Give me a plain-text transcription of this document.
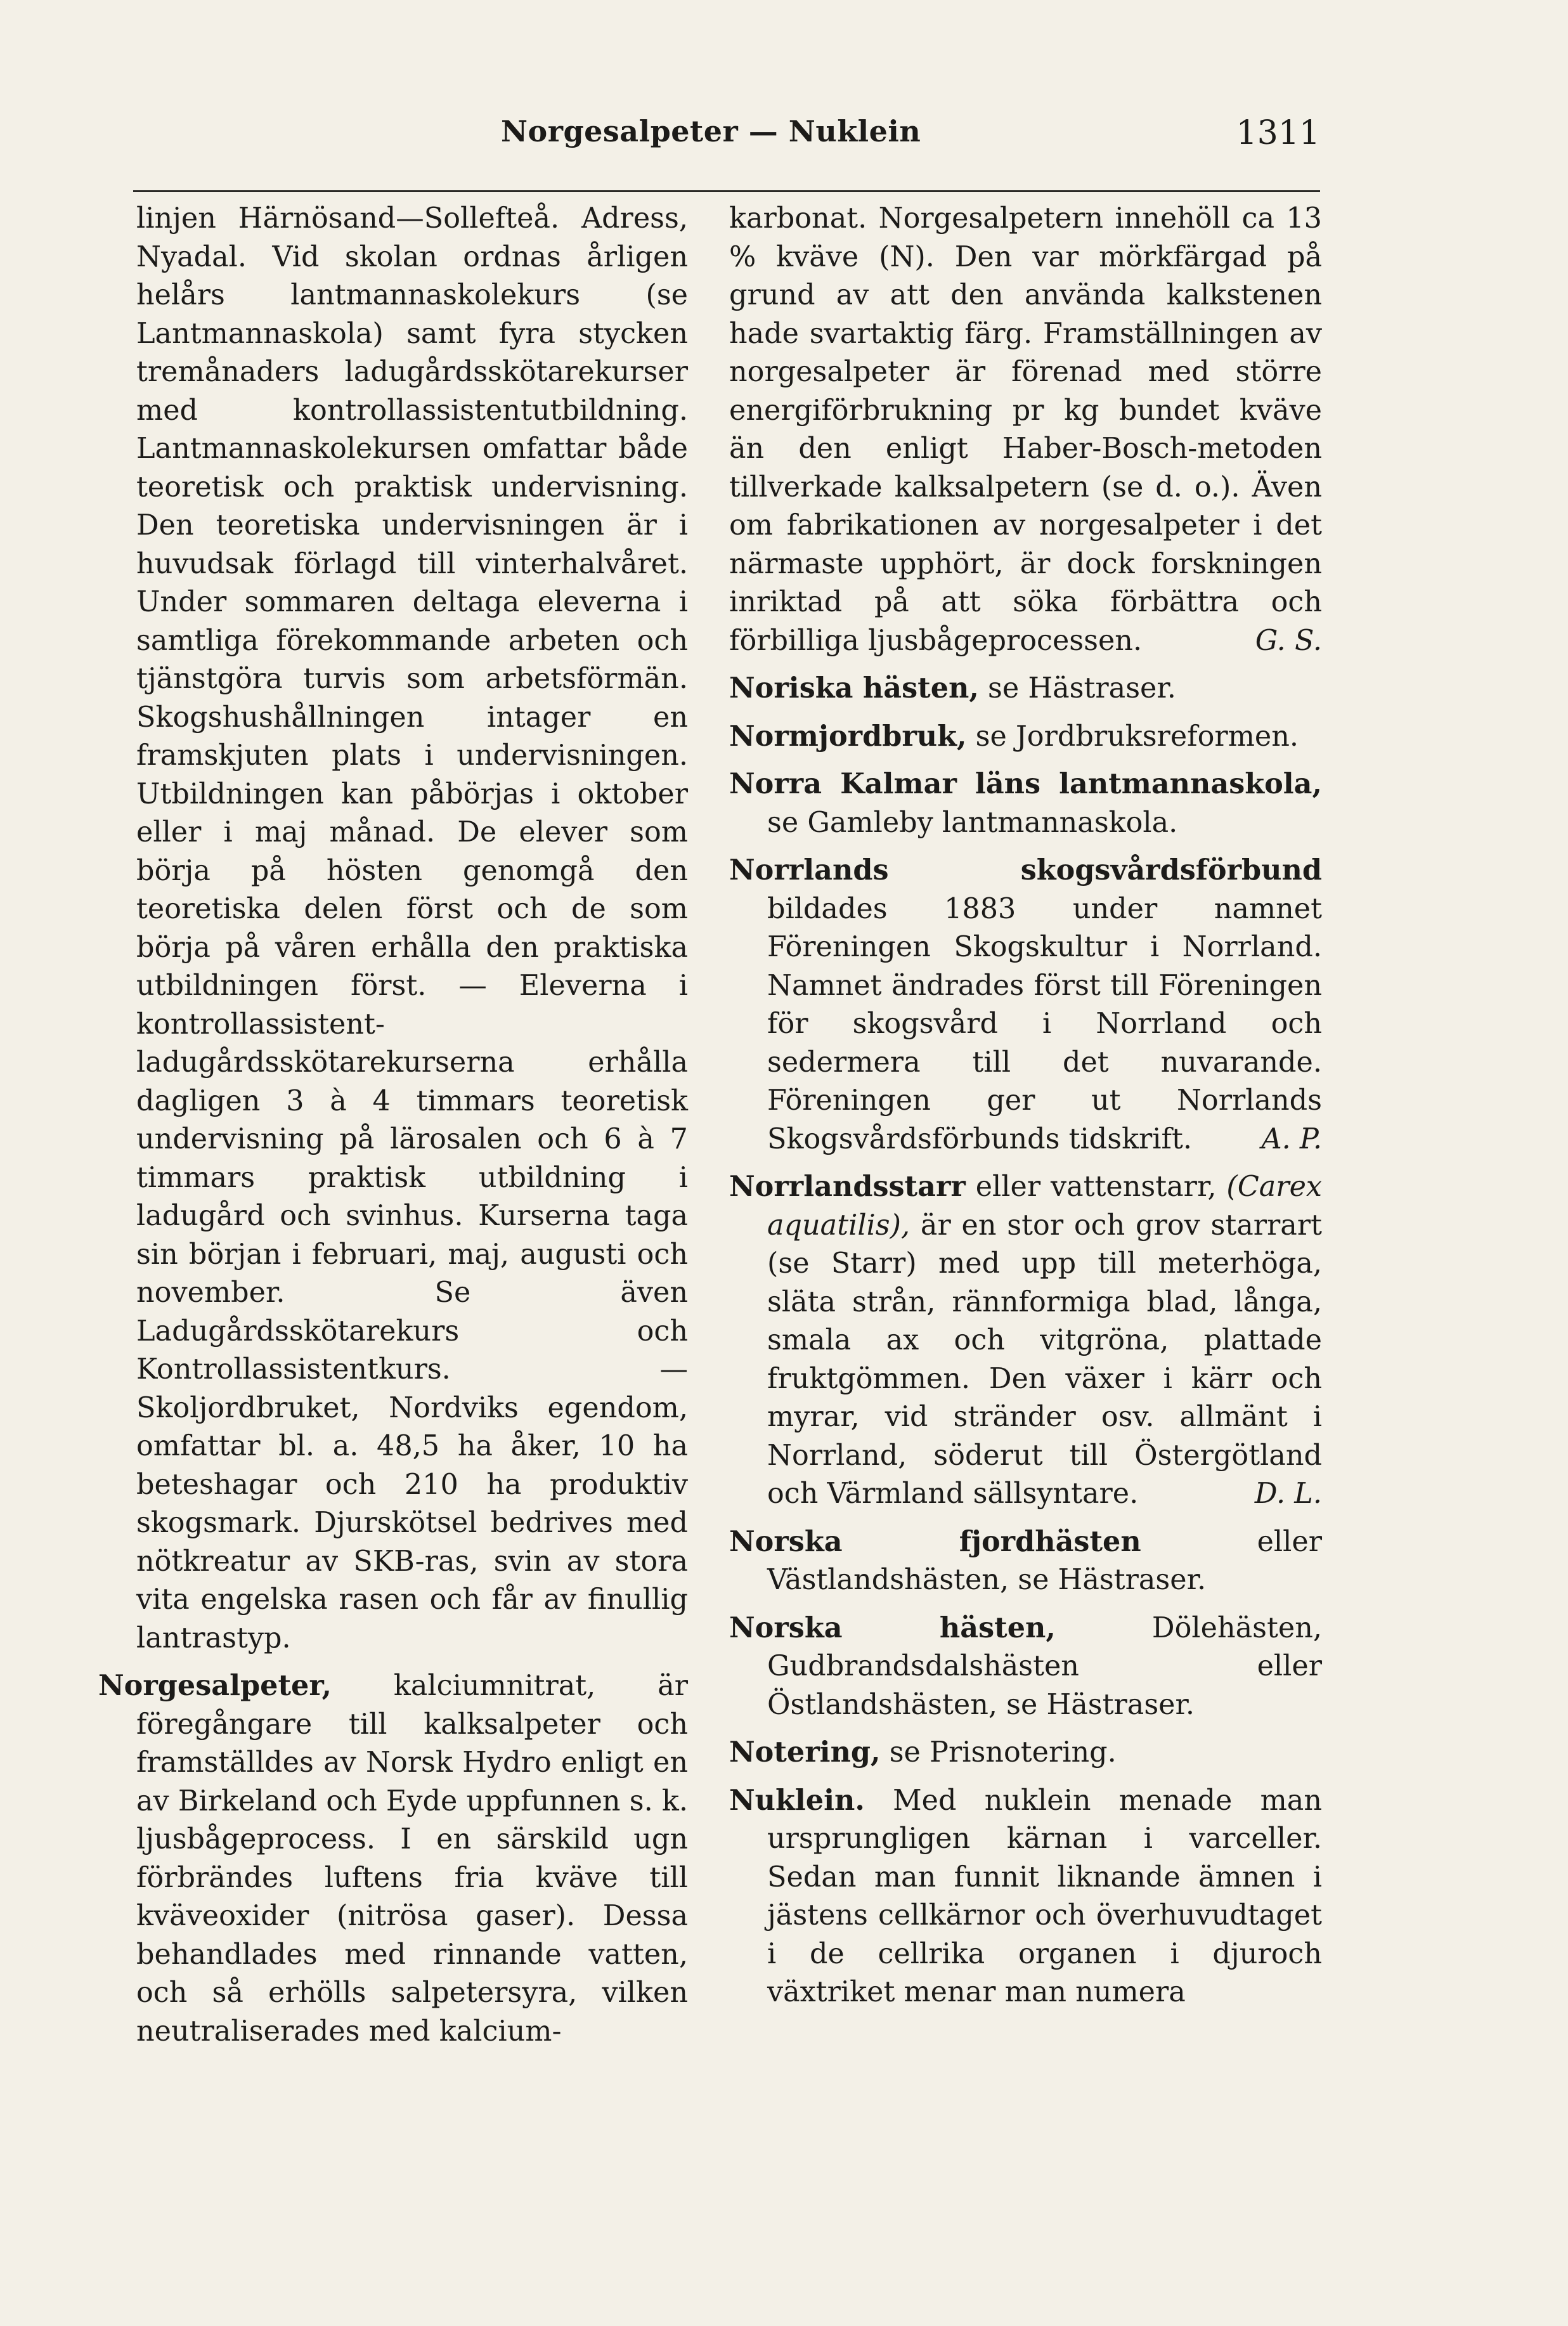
Norgesalpeter — Nuklein	1311

linjen Härnösand—Sollefteå. Adress, Nyadal. Vid skolan ordnas årligen helårs lantmannaskolekurs (se Lantmannaskola) samt fyra stycken tremånaders ladugårdsskötarekurser med kontrollassistentutbildning. Lantmannaskolekursen omfattar både teoretisk och praktisk undervisning. Den teoretiska undervisningen är i huvudsak förlagd till vinterhalvåret. Under sommaren deltaga eleverna i samtliga förekommande arbeten och tjänstgöra turvis som arbetsförmän. Skogshushållningen intager en framskjuten plats i undervisningen. Utbildningen kan påbörjas i oktober eller i maj månad. De elever som börja på hösten genomgå den teoretiska delen först och de som börja på våren erhålla den praktiska utbildningen först. — Eleverna i kontrollassistent-ladugårdsskötarekurserna erhålla dagligen 3 à 4 timmars teoretisk undervisning på lärosalen och 6 à 7 timmars praktisk utbildning i ladugård och svinhus. Kurserna taga sin början i februari, maj, augusti och november. Se även Ladugårdsskötarekurs och Kontrollassistentkurs. — Skoljordbruket, Nordviks egendom, omfattar bl. a. 48,5 ha åker, 10 ha beteshagar och 210 ha produktiv skogsmark. Djurskötsel bedrives med nötkreatur av SKB-ras, svin av stora vita engelska rasen och får av finullig lantrastyp.

Norgesalpeter, kalciumnitrat, är föregångare till kalksalpeter och framställdes av Norsk Hydro enligt en av Birkeland och Eyde uppfunnen s. k. ljusbågeprocess. I en särskild ugn förbrändes luftens fria kväve till kväveoxider (nitrösa gaser). Dessa behandlades med rinnande vatten, och så erhölls salpetersyra, vilken neutraliserades med kalcium-

karbonat. Norgesalpetern innehöll ca 13 % kväve (N). Den var mörkfärgad på grund av att den använda kalkstenen hade svartaktig färg. Framställningen av norgesalpeter är förenad med större energiförbrukning pr kg bundet kväve än den enligt Haber-Bosch-metoden tillverkade kalksalpetern (se d. o.). Även om fabrikationen av norgesalpeter i det närmaste upphört, är dock forskningen inriktad på att söka förbättra och förbilliga ljusbågeprocessen.	G. S.

Noriska hästen, se Hästraser.

Normjordbruk, se Jordbruksreformen.

Norra Kalmar läns lantmannaskola, se Gamleby lantmannaskola.

Norrlands skogsvårdsförbund bildades 1883 under namnet Föreningen Skogskultur i Norrland. Namnet ändrades först till Föreningen för skogsvård i Norrland och sedermera till det nuvarande. Föreningen ger ut Norrlands Skogsvårdsförbunds tidskrift. A. P.

Norrlandsstarr eller vattenstarr, (Carex aquatilis), är en stor och grov starrart (se Starr) med upp till meterhöga, släta strån, rännformiga blad, långa, smala ax och vitgröna, plattade fruktgömmen. Den växer i kärr och myrar, vid stränder osv. allmänt i Norrland, söderut till Östergötland och Värmland sällsyntare.	D. L.

Norska fjordhästen eller Västlandshästen, se Hästraser.

Norska hästen, Dölehästen, Gudbrandsdalshästen eller Östlandshästen, se Hästraser.

Notering, se Prisnotering.

Nuklein. Med nuklein menade man ursprungligen kärnan i varceller. Sedan man funnit liknande ämnen i jästens cellkärnor och överhuvudtaget i de cellrika organen i djuroch växtriket menar man numera
